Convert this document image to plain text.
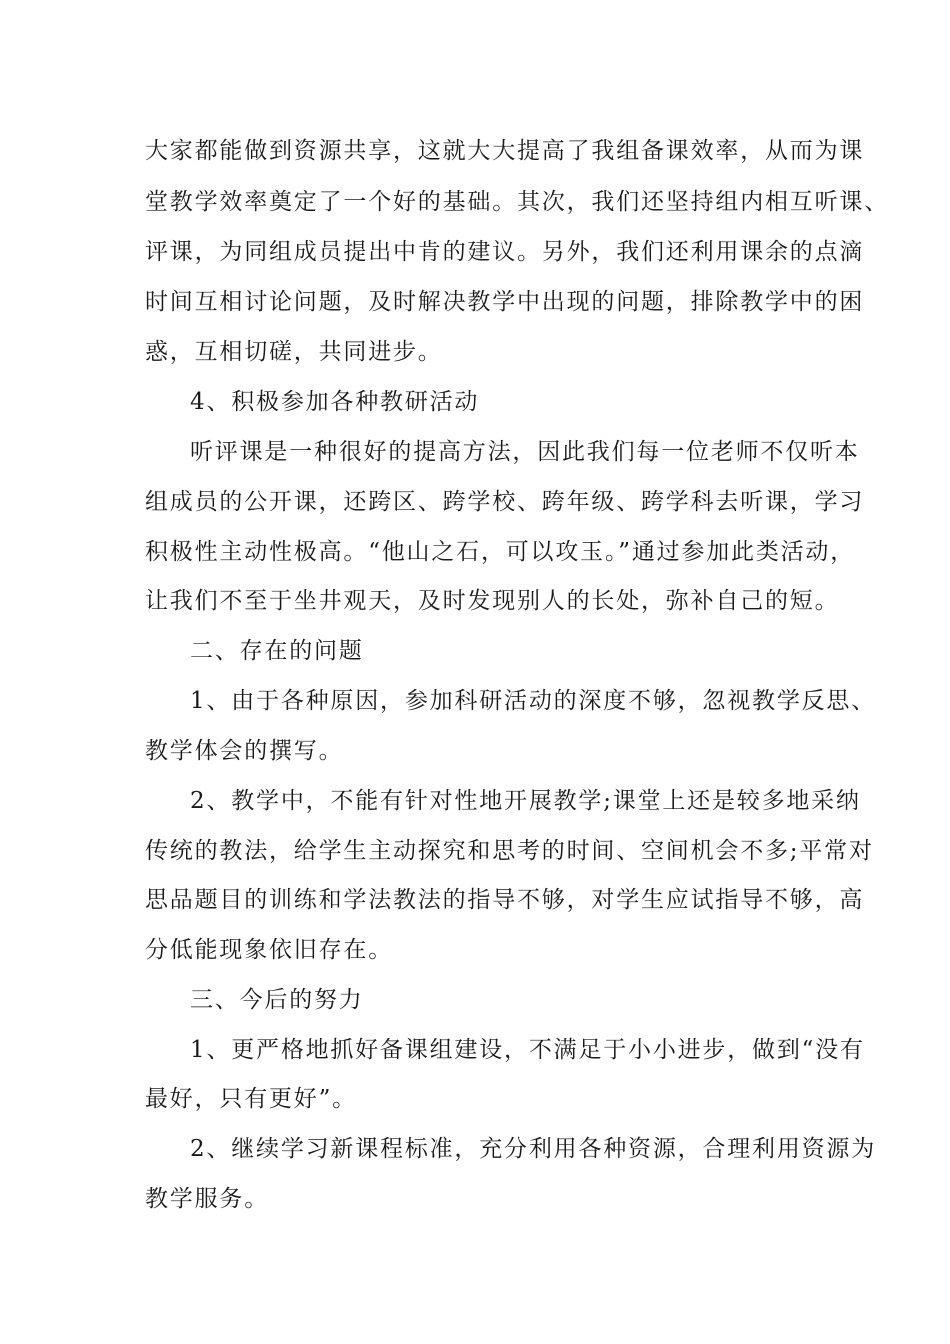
大家都能做到资源共享，这就大大提高了我组备课效率，从而为课
堂教学效率奠定了一个好的基础。其次，我们还坚持组内相互听课、
评课，为同组成员提出中肯的建议。另外，我们还利用课余的点滴
时间互相讨论问题，及时解决教学中出现的问题，排除教学中的困
惑，互相切磋，共同进步。
4、积极参加各种教研活动
听评课是一种很好的提高方法，因此我们每一位老师不仅听本
组成员的公开课，还跨区、跨学校、跨年级、跨学科去听课，学习
积极性主动性极高。“他山之石，可以攻玉。”通过参加此类活动，
让我们不至于坐井观天，及时发现别人的长处，弥补自己的短。
二、存在的问题
1、由于各种原因，参加科研活动的深度不够，忽视教学反思、
教学体会的撰写。
2、教学中，不能有针对性地开展教学;课堂上还是较多地采纳
传统的教法，给学生主动探究和思考的时间、空间机会不多;平常对
思品题目的训练和学法教法的指导不够，对学生应试指导不够，高
分低能现象依旧存在。
三、今后的努力
1、更严格地抓好备课组建设，不满足于小小进步，做到“没有
最好，只有更好”。
2、继续学习新课程标准，充分利用各种资源，合理利用资源为
教学服务。
